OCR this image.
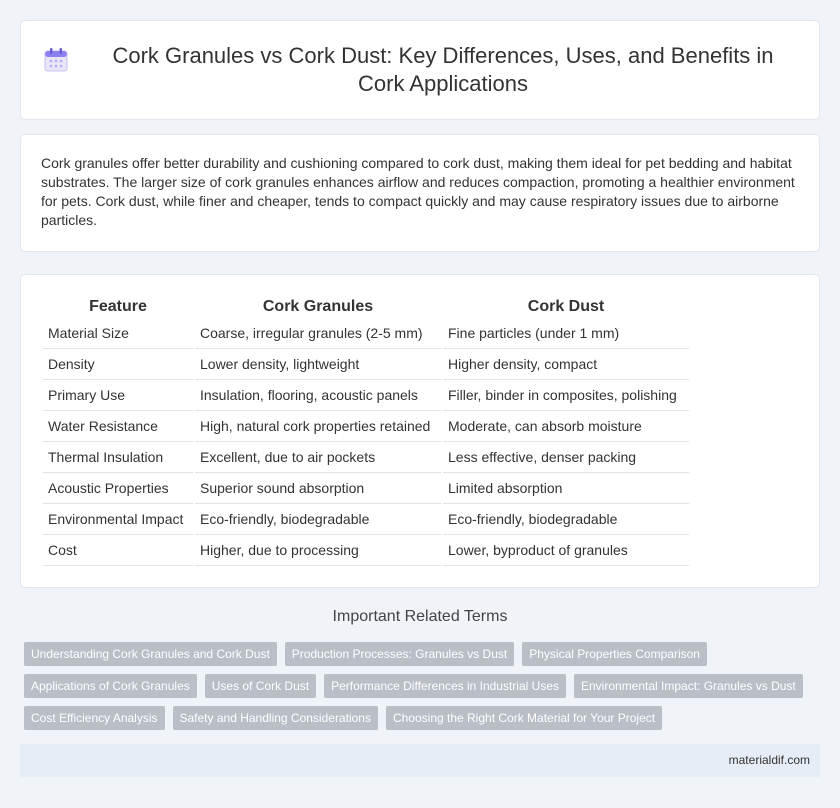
Cork Granules vs Cork Dust: Key Differences, Uses, and Benefits in Cork Applications

Cork granules offer better durability and cushioning compared to cork dust, making them ideal for pet bedding and habitat substrates. The larger size of cork granules enhances airflow and reduces compaction, promoting a healthier environment for pets. Cork dust, while finer and cheaper, tends to compact quickly and may cause respiratory issues due to airborne particles.

Feature	Cork Granules	Cork Dust
Material Size	Coarse, irregular granules (2-5 mm)	Fine particles (under 1 mm)
Density	Lower density, lightweight	Higher density, compact
Primary Use	Insulation, flooring, acoustic panels	Filler, binder in composites, polishing
Water Resistance	High, natural cork properties retained	Moderate, can absorb moisture
Thermal Insulation	Excellent, due to air pockets	Less effective, denser packing
Acoustic Properties	Superior sound absorption	Limited absorption
Environmental Impact	Eco-friendly, biodegradable	Eco-friendly, biodegradable
Cost	Higher, due to processing	Lower, byproduct of granules
Important Related Terms
Understanding Cork Granules and Cork Dust	Production Processes: Granules vs Dust	Physical Properties Comparison
Applications of Cork Granules	Uses of Cork Dust	Performance Differences in Industrial Uses	Environmental Impact: Granules vs Dust
Cost Efficiency Analysis	Safety and Handling Considerations	Choosing the Right Cork Material for Your Project
materialdif.com
